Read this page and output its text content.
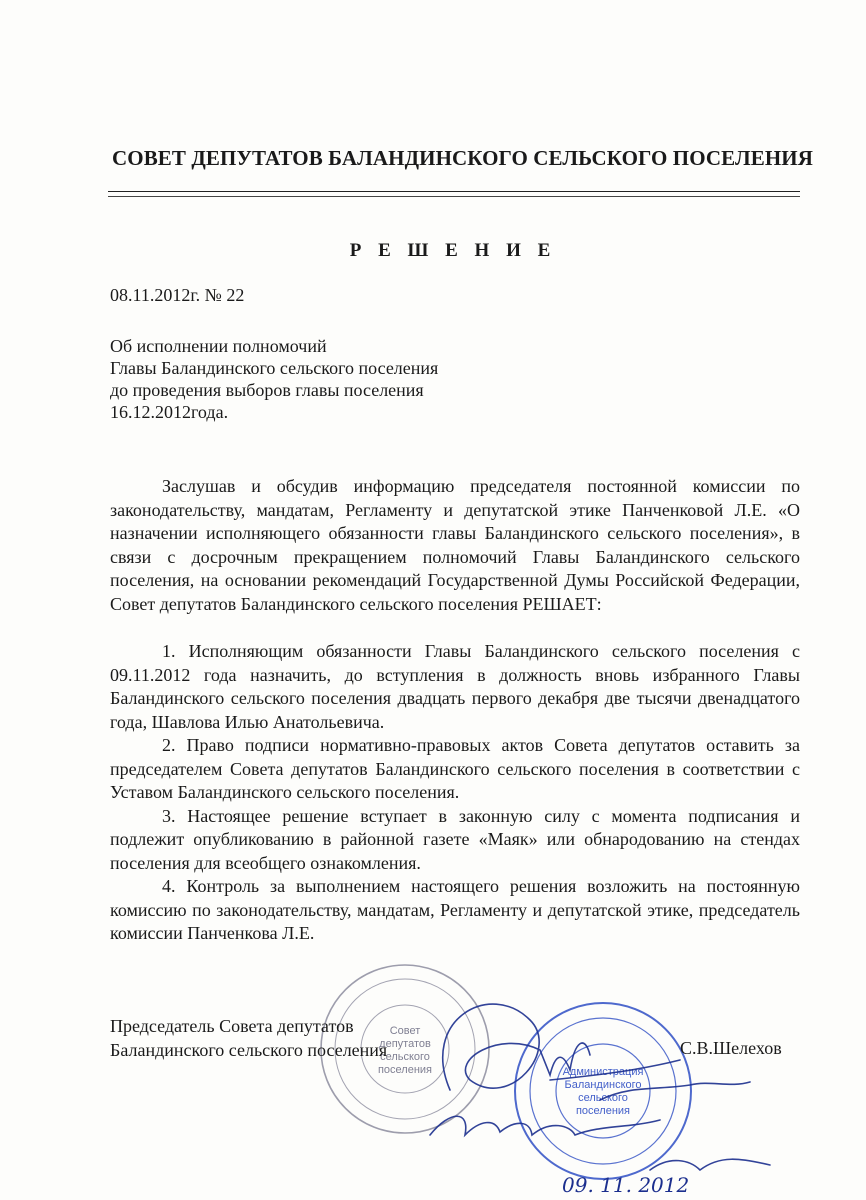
СОВЕТ ДЕПУТАТОВ БАЛАНДИНСКОГО СЕЛЬСКОГО ПОСЕЛЕНИЯ
Р Е Ш Е Н И Е
08.11.2012г. № 22
Об исполнении полномочий
Главы Баландинского сельского поселения
до проведения выборов главы поселения
16.12.2012года.

Заслушав и обсудив информацию председателя постоянной комиссии по законодательству, мандатам, Регламенту и депутатской этике Панченковой Л.Е. «О назначении исполняющего обязанности главы Баландинского сельского поселения», в связи с досрочным прекращением полномочий Главы Баландинского сельского поселения, на основании рекомендаций Государственной Думы Российской Федерации, Совет депутатов Баландинского сельского поселения РЕШАЕТ:

1. Исполняющим обязанности Главы Баландинского сельского поселения с 09.11.2012 года назначить, до вступления в должность вновь избранного Главы Баландинского сельского поселения двадцать первого декабря две тысячи двенадцатого года, Шавлова Илью Анатольевича.

2. Право подписи нормативно-правовых актов Совета депутатов оставить за председателем Совета депутатов Баландинского сельского поселения в соответствии с Уставом Баландинского сельского поселения.

3. Настоящее решение вступает в законную силу с момента подписания и подлежит опубликованию в районной газете «Маяк» или обнародованию на стендах поселения для всеобщего ознакомления.

4. Контроль за выполнением настоящего решения возложить на постоянную комиссию по законодательству, мандатам, Регламенту и депутатской этике, председатель комиссии Панченкова Л.Е.

Совет
депутатов
сельского
поселения	Администрация
Баландинского
сельского
поселения
Председатель Совета депутатов
Баландинского сельского поселения	С.В.Шелехов
09. 11. 2012
